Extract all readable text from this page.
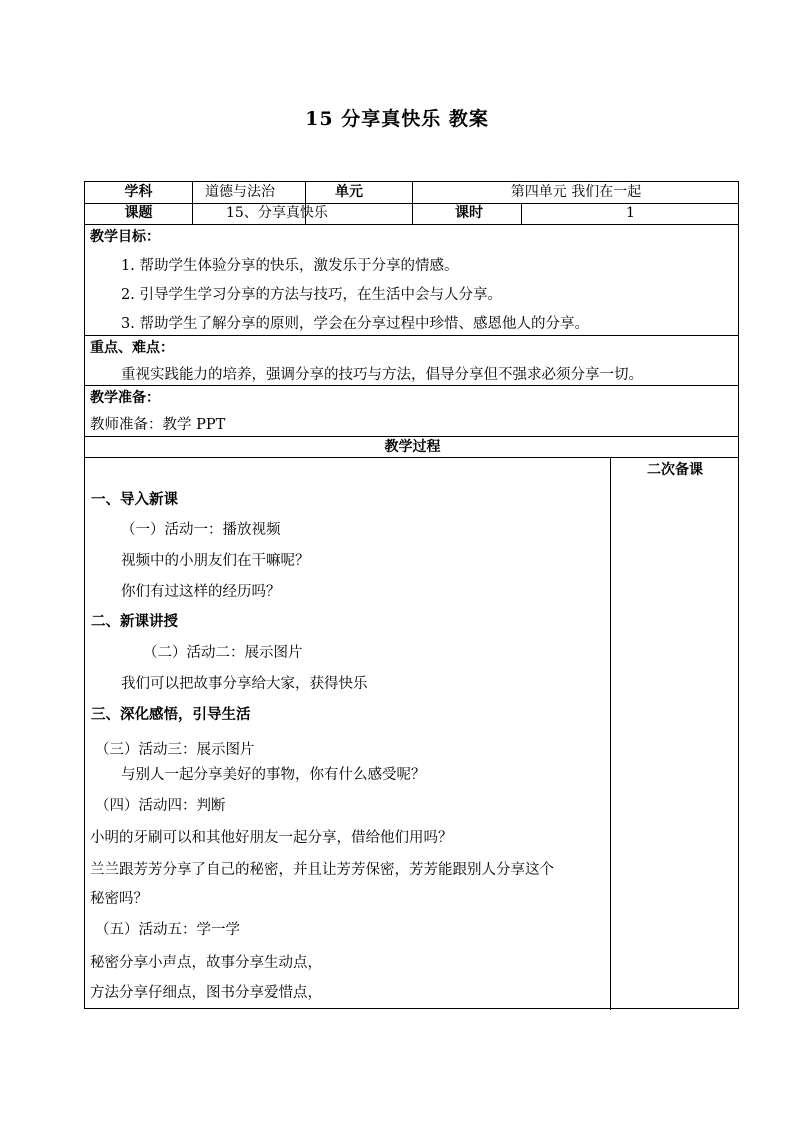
15 分享真快乐 教案
学科	道德与法治	单元	第四单元 我们在一起
课题	15、分享真快乐	课时	1
教学目标：
1. 帮助学生体验分享的快乐，激发乐于分享的情感。
2. 引导学生学习分享的方法与技巧，在生活中会与人分享。
3. 帮助学生了解分享的原则，学会在分享过程中珍惜、感恩他人的分享。
重点、难点：
重视实践能力的培养，强调分享的技巧与方法，倡导分享但不强求必须分享一切。
教学准备：
教师准备：教学 PPT
教学过程
二次备课
一、导入新课
（一）活动一：播放视频
视频中的小朋友们在干嘛呢？
你们有过这样的经历吗？
二、新课讲授
（二）活动二：展示图片
我们可以把故事分享给大家，获得快乐
三、深化感悟，引导生活
（三）活动三：展示图片
与别人一起分享美好的事物，你有什么感受呢？
（四）活动四：判断
小明的牙刷可以和其他好朋友一起分享，借给他们用吗？
兰兰跟芳芳分享了自己的秘密，并且让芳芳保密，芳芳能跟别人分享这个
秘密吗？
（五）活动五：学一学
秘密分享小声点，故事分享生动点，
方法分享仔细点，图书分享爱惜点，
